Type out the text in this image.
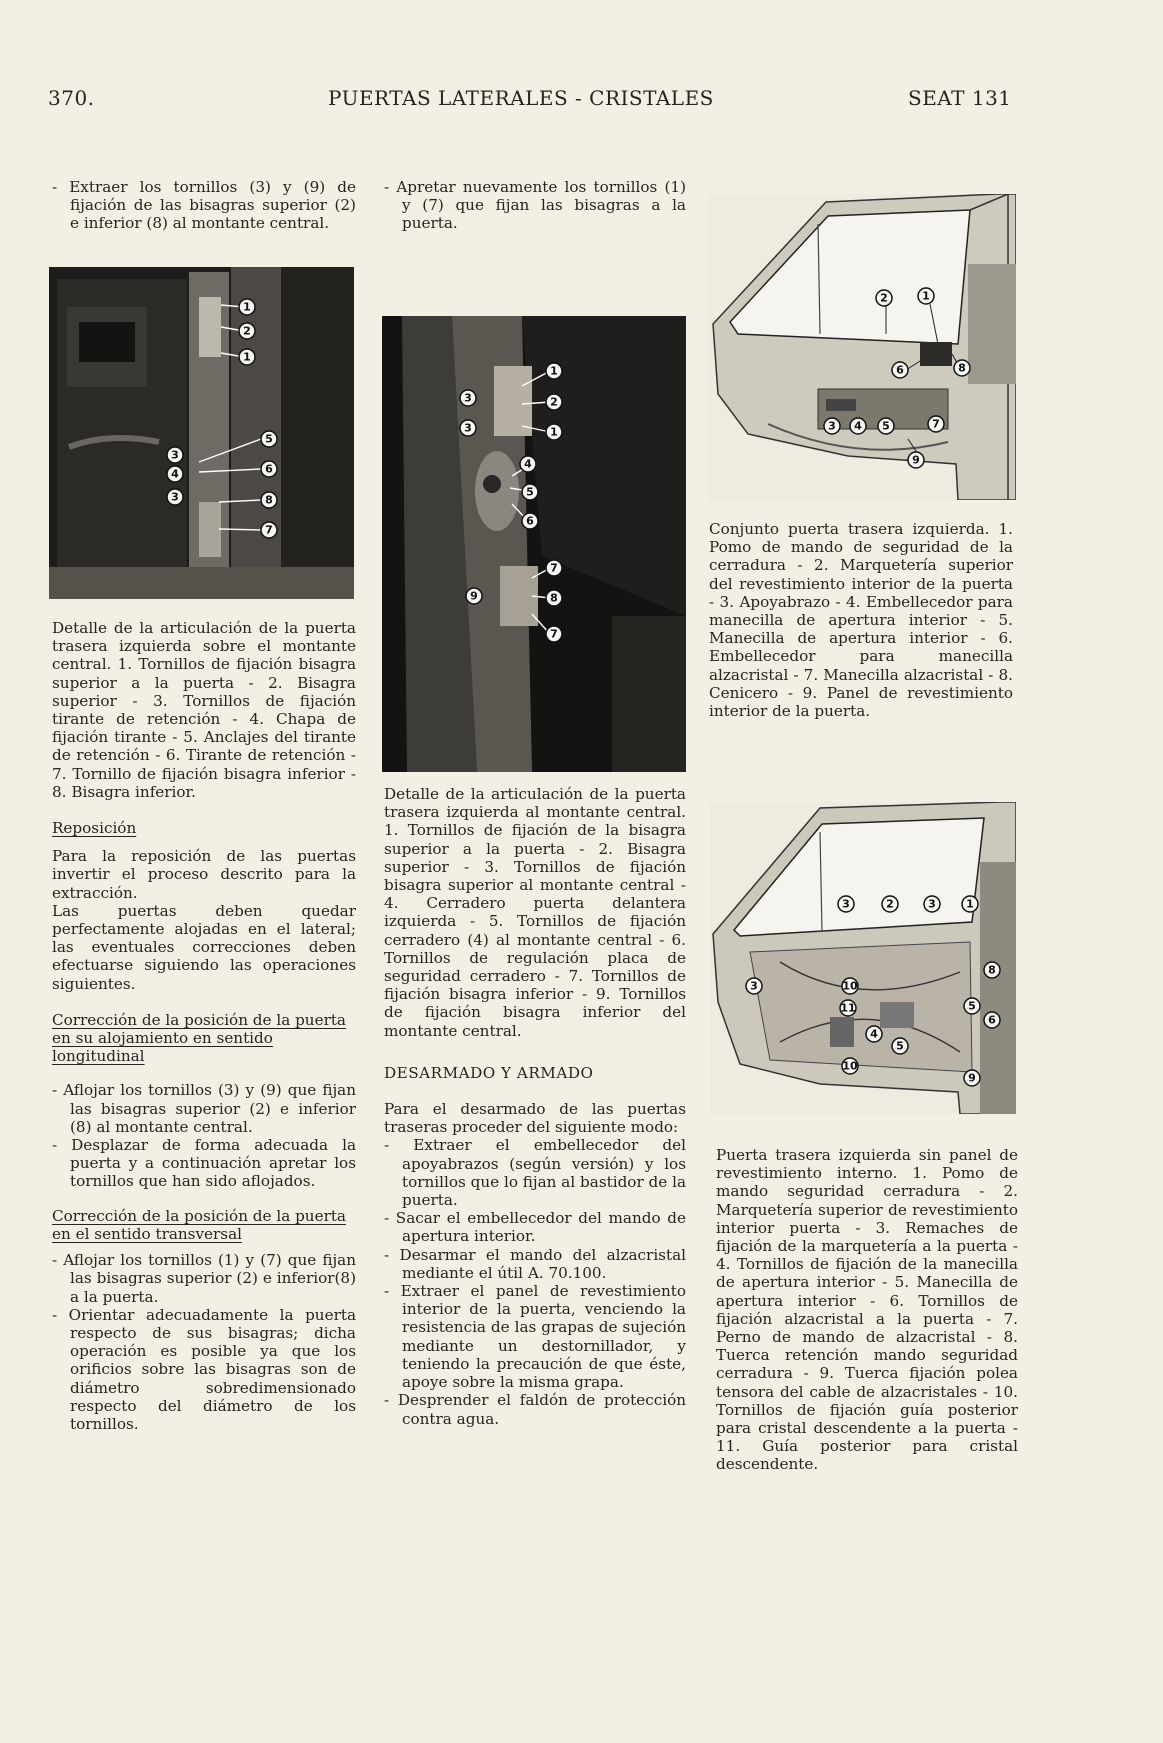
370.	PUERTAS LATERALES - CRISTALES	SEAT 131

- Extraer los tornillos (3) y (9) de fijación de las bisagras superior (2) e inferior (8) al montante central.

1
2
1
5
3
4	6
3	8
7

Detalle de la articulación de la puerta trasera izquierda sobre el montante central. 1. Tornillos de fijación bisagra superior a la puerta - 2. Bisagra superior - 3. Tornillos de fijación tirante de retención - 4. Chapa de fijación tirante - 5. Anclajes del tirante de retención - 6. Tirante de retención - 7. Tornillo de fijación bisagra inferior - 8. Bisagra inferior.

Reposición

Para la reposición de las puertas invertir el proceso descrito para la extracción.

Las puertas deben quedar perfectamente alojadas en el lateral; las eventuales correcciones deben efectuarse siguiendo las operaciones siguientes.

Corrección de la posición de la puerta en su alojamiento en sentido longitudinal

- Aflojar los tornillos (3) y (9) que fijan las bisagras superior (2) e inferior (8) al montante central.

- Desplazar de forma adecuada la puerta y a continuación apretar los tornillos que han sido aflojados.

Corrección de la posición de la puerta en el sentido transversal

- Aflojar los tornillos (1) y (7) que fijan las bisagras superior (2) e inferior(8) a la puerta.

- Orientar adecuadamente la puerta respecto de sus bisagras; dicha operación es posible ya que los orificios sobre las bisagras son de diámetro sobredimensionado respecto del diámetro de los tornillos.

- Apretar nuevamente los tornillos (1) y (7) que fijan las bisagras a la puerta.

3
1
2
3	1
4
5
6
7
9	8
7

Detalle de la articulación de la puerta trasera izquierda al montante central. 1. Tornillos de fijación de la bisagra superior a la puerta - 2. Bisagra superior - 3. Tornillos de fijación bisagra superior al montante central - 4. Cerradero puerta delantera izquierda - 5. Tornillos de fijación cerradero (4) al montante central - 6. Tornillos de regulación placa de seguridad cerradero - 7. Tornillos de fijación bisagra inferior - 9. Tornillos de fijación bisagra inferior del montante central.

DESARMADO Y ARMADO

Para el desarmado de las puertas traseras proceder del siguiente modo:

- Extraer el embellecedor del apoyabrazos (según versión) y los tornillos que lo fijan al bastidor de la puerta.

- Sacar el embellecedor del mando de apertura interior.

- Desarmar el mando del alzacristal mediante el útil A. 70.100.

- Extraer el panel de revestimiento interior de la puerta, venciendo la resistencia de las grapas de sujeción mediante un destornillador, y teniendo la precaución de que éste, apoye sobre la misma grapa.

- Desprender el faldón de protección contra agua.

2	1
6	8
3 4 5	7
9

Conjunto puerta trasera izquierda. 1. Pomo de mando de seguridad de la cerradura - 2. Marquetería superior del revestimiento interior de la puerta - 3. Apoyabrazo - 4. Embellecedor para manecilla de apertura interior - 5. Manecilla de apertura interior - 6. Embellecedor para manecilla alzacristal - 7. Manecilla alzacristal - 8. Cenicero - 9. Panel de revestimiento interior de la puerta.

3	2	3	1
8
3	10
11	5
6
4
5
10
9

Puerta trasera izquierda sin panel de revestimiento interno. 1. Pomo de mando seguridad cerradura - 2. Marquetería superior de revestimiento interior puerta - 3. Remaches de fijación de la marquetería a la puerta - 4. Tornillos de fijación de la manecilla de apertura interior - 5. Manecilla de apertura interior - 6. Tornillos de fijación alzacristal a la puerta - 7. Perno de mando de alzacristal - 8. Tuerca retención mando seguridad cerradura - 9. Tuerca fijación polea tensora del cable de alzacristales - 10. Tornillos de fijación guía posterior para cristal descendente a la puerta - 11. Guía posterior para cristal descendente.
